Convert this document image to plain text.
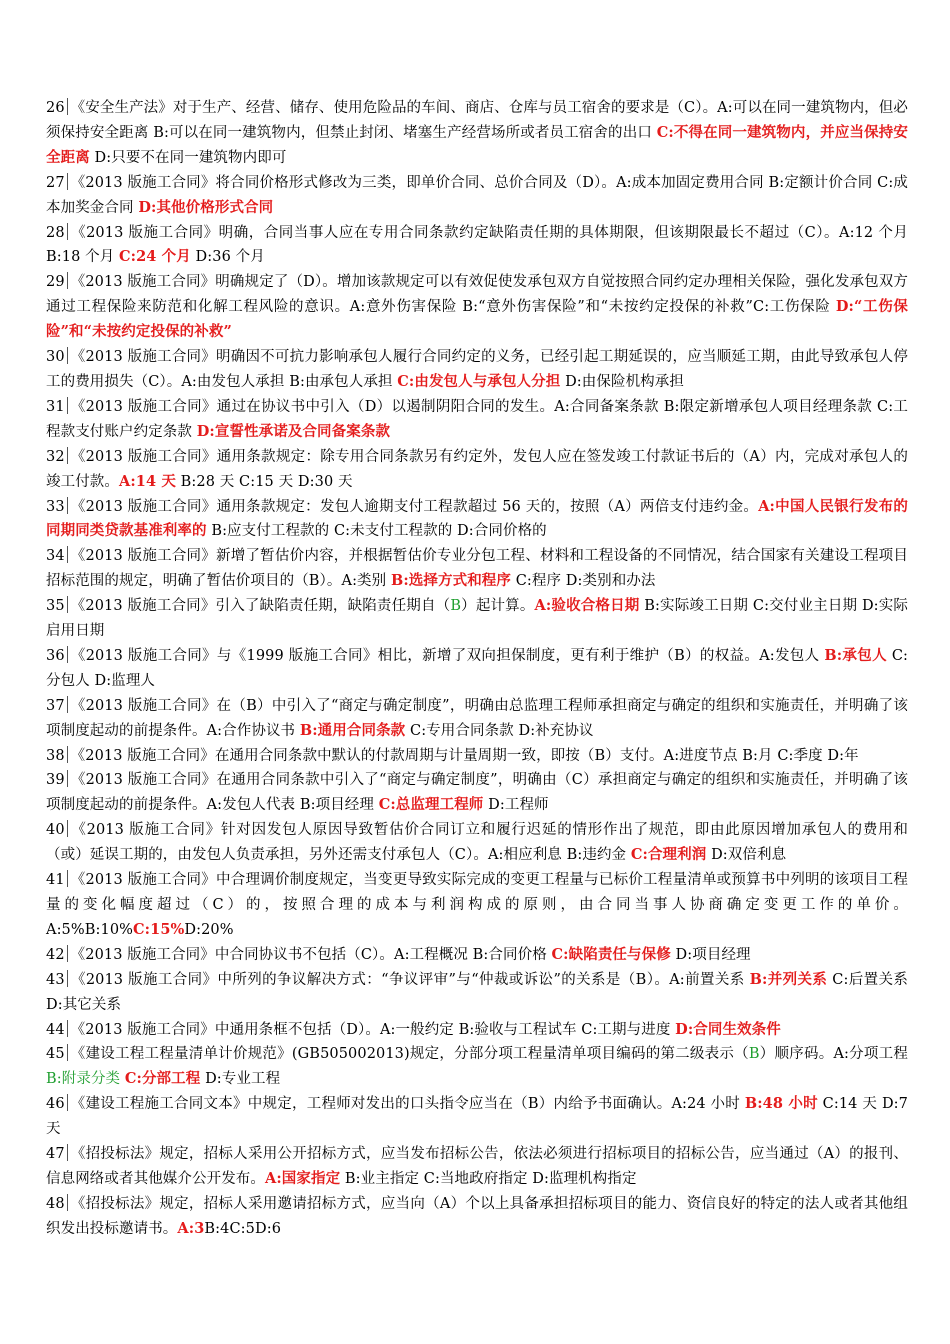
26 《安全生产法》对于生产、经营、储存、使用危险品的车间、商店、仓库与员工宿舍的要求是（C）。A:可以在同一建筑物内，但必须保持安全距离 B:可以在同一建筑物内，但禁止封闭、堵塞生产经营场所或者员工宿舍的出口 C:不得在同一建筑物内，并应当保持安全距离 D:只要不在同一建筑物内即可

27 《2013 版施工合同》将合同价格形式修改为三类，即单价合同、总价合同及（D）。A:成本加固定费用合同 B:定额计价合同 C:成本加奖金合同 D:其他价格形式合同

28 《2013 版施工合同》明确，合同当事人应在专用合同条款约定缺陷责任期的具体期限，但该期限最长不超过（C）。A:12 个月 B:18 个月 C:24 个月 D:36 个月

29 《2013 版施工合同》明确规定了（D）。增加该款规定可以有效促使发承包双方自觉按照合同约定办理相关保险，强化发承包双方通过工程保险来防范和化解工程风险的意识。A:意外伤害保险 B:“意外伤害保险”和“未按约定投保的补救”C:工伤保险 D:“工伤保险”和“未按约定投保的补救”

30 《2013 版施工合同》明确因不可抗力影响承包人履行合同约定的义务，已经引起工期延误的，应当顺延工期，由此导致承包人停工的费用损失（C）。A:由发包人承担 B:由承包人承担 C:由发包人与承包人分担 D:由保险机构承担

31 《2013 版施工合同》通过在协议书中引入（D）以遏制阴阳合同的发生。A:合同备案条款 B:限定新增承包人项目经理条款 C:工程款支付账户约定条款 D:宣誓性承诺及合同备案条款

32 《2013 版施工合同》通用条款规定：除专用合同条款另有约定外，发包人应在签发竣工付款证书后的（A）内，完成对承包人的竣工付款。A:14 天 B:28 天 C:15 天 D:30 天

33 《2013 版施工合同》通用条款规定：发包人逾期支付工程款超过 56 天的，按照（A）两倍支付违约金。A:中国人民银行发布的同期同类贷款基准利率的 B:应支付工程款的 C:未支付工程款的 D:合同价格的

34 《2013 版施工合同》新增了暂估价内容，并根据暂估价专业分包工程、材料和工程设备的不同情况，结合国家有关建设工程项目招标范围的规定，明确了暂估价项目的（B）。A:类别 B:选择方式和程序 C:程序 D:类别和办法

35 《2013 版施工合同》引入了缺陷责任期，缺陷责任期自（B）起计算。A:验收合格日期 B:实际竣工日期 C:交付业主日期 D:实际启用日期

36 《2013 版施工合同》与《1999 版施工合同》相比，新增了双向担保制度，更有利于维护（B）的权益。A:发包人 B:承包人 C:分包人 D:监理人

37 《2013 版施工合同》在（B）中引入了“商定与确定制度”，明确由总监理工程师承担商定与确定的组织和实施责任，并明确了该项制度起动的前提条件。A:合作协议书 B:通用合同条款 C:专用合同条款 D:补充协议

38 《2013 版施工合同》在通用合同条款中默认的付款周期与计量周期一致，即按（B）支付。A:进度节点 B:月 C:季度 D:年

39 《2013 版施工合同》在通用合同条款中引入了“商定与确定制度”，明确由（C）承担商定与确定的组织和实施责任，并明确了该项制度起动的前提条件。A:发包人代表 B:项目经理 C:总监理工程师 D:工程师

40 《2013 版施工合同》针对因发包人原因导致暂估价合同订立和履行迟延的情形作出了规范，即由此原因增加承包人的费用和（或）延误工期的，由发包人负责承担，另外还需支付承包人（C）。A:相应利息 B:违约金 C:合理利润 D:双倍利息

41 《2013 版施工合同》中合理调价制度规定，当变更导致实际完成的变更工程量与已标价工程量清单或预算书中列明的该项目工程量的变化幅度超过（C）的，按照合理的成本与利润构成的原则，由合同当事人协商确定变更工作的单价。A:5%B:10%C:15%D:20%

42 《2013 版施工合同》中合同协议书不包括（C）。A:工程概况 B:合同价格 C:缺陷责任与保修 D:项目经理

43 《2013 版施工合同》中所列的争议解决方式：“争议评审”与“仲裁或诉讼”的关系是（B）。A:前置关系 B:并列关系 C:后置关系 D:其它关系

44 《2013 版施工合同》中通用条框不包括（D）。A:一般约定 B:验收与工程试车 C:工期与进度 D:合同生效条件

45 《建设工程工程量清单计价规范》(GB505002013)规定，分部分项工程量清单项目编码的第二级表示（B）顺序码。A:分项工程 B:附录分类 C:分部工程 D:专业工程

46 《建设工程施工合同文本》中规定，工程师对发出的口头指令应当在（B）内给予书面确认。A:24 小时 B:48 小时 C:14 天 D:7 天

47 《招投标法》规定，招标人采用公开招标方式，应当发布招标公告，依法必须进行招标项目的招标公告，应当通过（A）的报刊、信息网络或者其他媒介公开发布。A:国家指定 B:业主指定 C:当地政府指定 D:监理机构指定

48 《招投标法》规定，招标人采用邀请招标方式，应当向（A）个以上具备承担招标项目的能力、资信良好的特定的法人或者其他组织发出投标邀请书。A:3B:4C:5D:6
